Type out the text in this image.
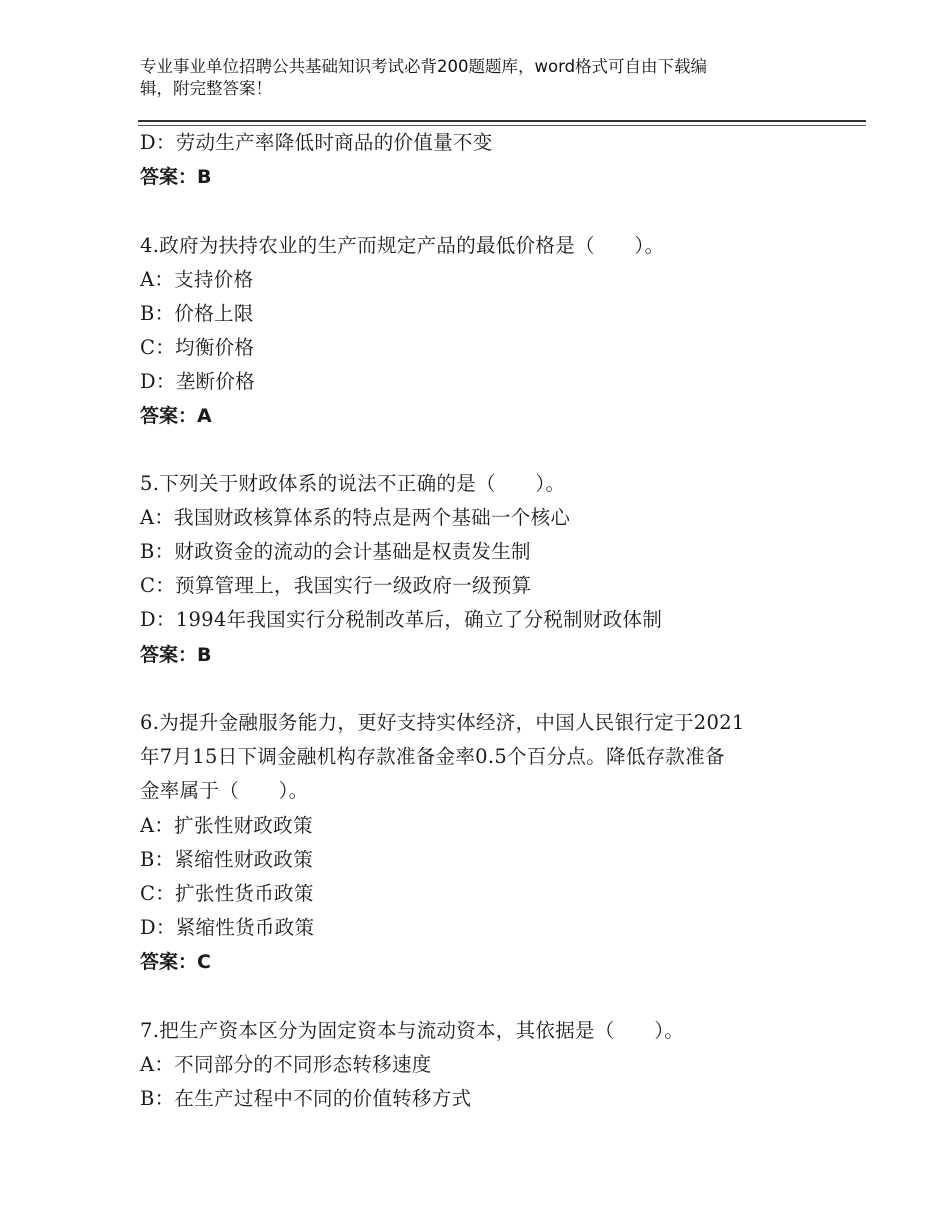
专业事业单位招聘公共基础知识考试必背200题题库，word格式可自由下载编
辑，附完整答案！
D：劳动生产率降低时商品的价值量不变
答案：B
4.政府为扶持农业的生产而规定产品的最低价格是（　　）。
A：支持价格
B：价格上限
C：均衡价格
D：垄断价格
答案：A
5.下列关于财政体系的说法不正确的是（　　）。
A：我国财政核算体系的特点是两个基础一个核心
B：财政资金的流动的会计基础是权责发生制
C：预算管理上，我国实行一级政府一级预算
D：1994年我国实行分税制改革后，确立了分税制财政体制
答案：B
6.为提升金融服务能力，更好支持实体经济，中国人民银行定于2021
年7月15日下调金融机构存款准备金率0.5个百分点。降低存款准备
金率属于（　　）。
A：扩张性财政政策
B：紧缩性财政政策
C：扩张性货币政策
D：紧缩性货币政策
答案：C
7.把生产资本区分为固定资本与流动资本，其依据是（　　）。
A：不同部分的不同形态转移速度
B：在生产过程中不同的价值转移方式
